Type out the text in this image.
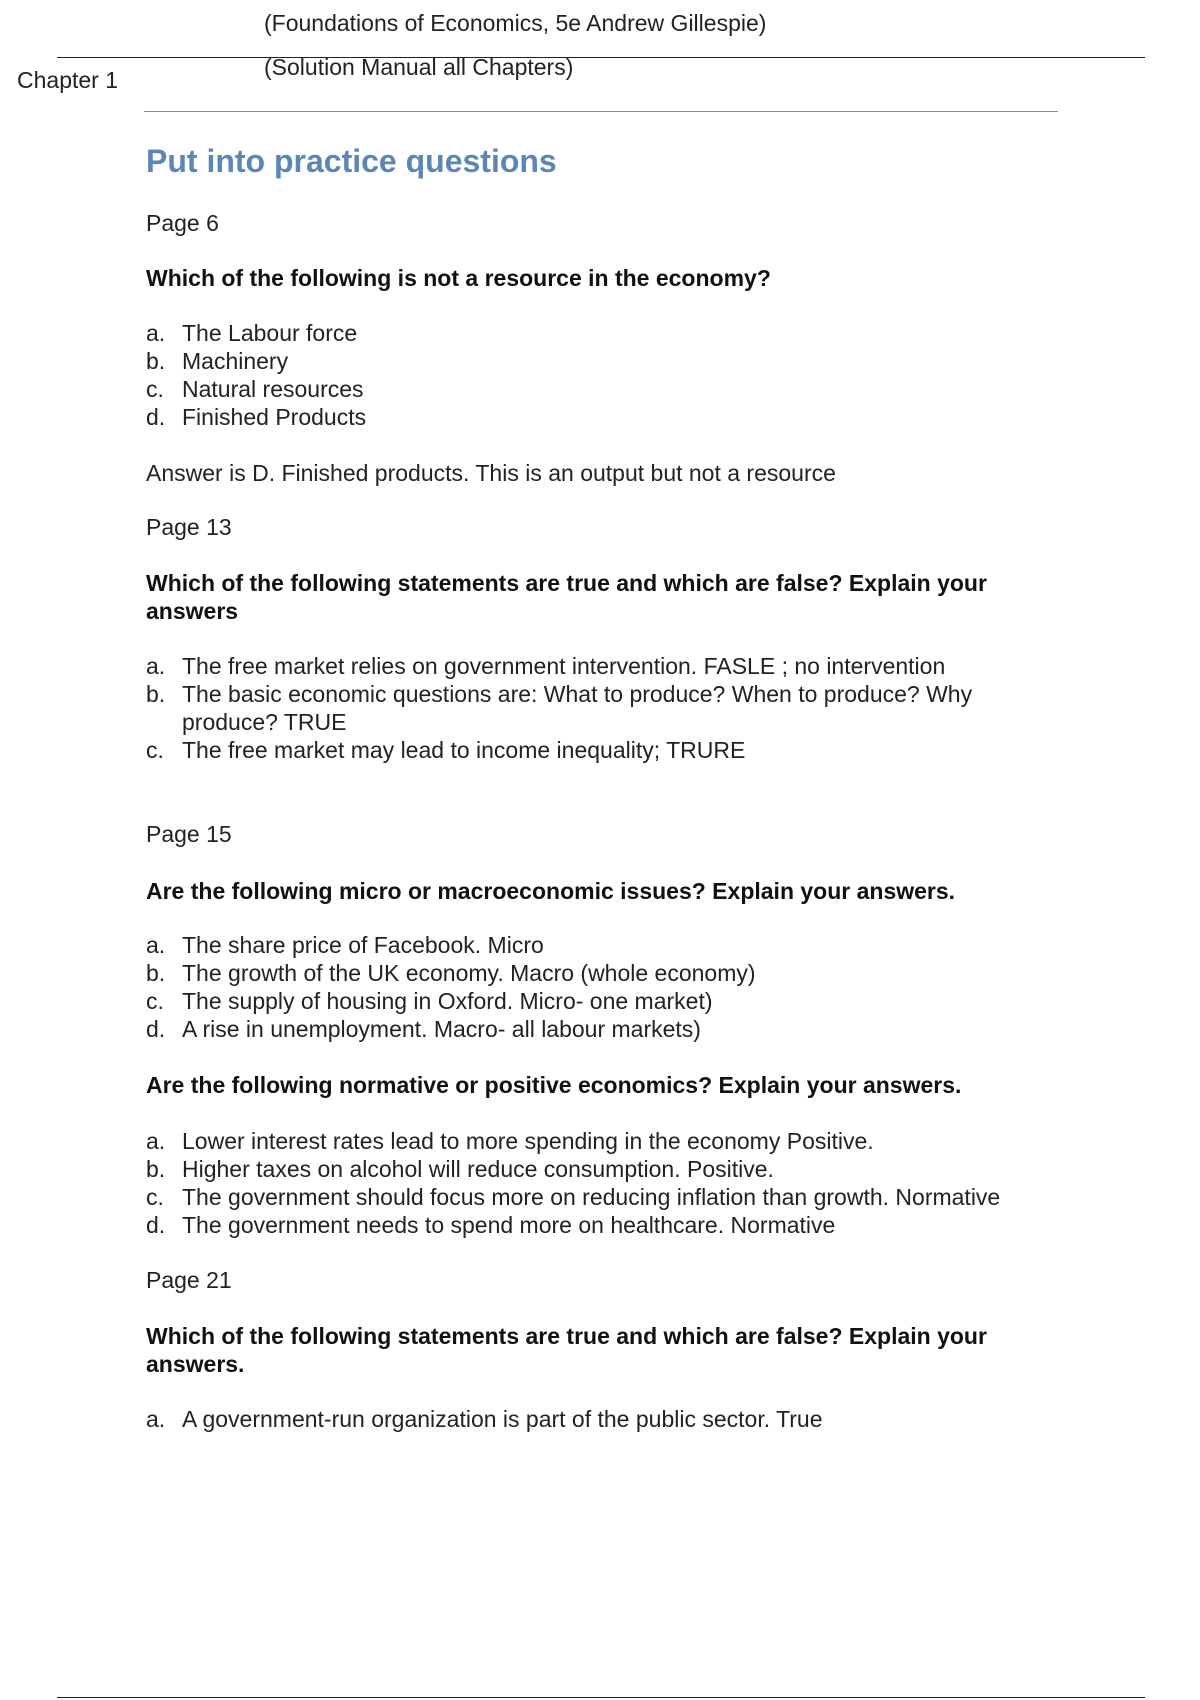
(Foundations of Economics, 5e Andrew Gillespie)
(Solution Manual all Chapters)
Chapter 1
Put into practice questions
Page 6
Which of the following is not a resource in the economy?
a. The Labour force
b. Machinery
c. Natural resources
d. Finished Products
Answer is D. Finished products. This is an output but not a resource
Page 13
Which of the following statements are true and which are false? Explain your answers
a. The free market relies on government intervention. FASLE ; no intervention
b. The basic economic questions are: What to produce? When to produce? Why produce? TRUE
c. The free market may lead to income inequality; TRURE
Page 15
Are the following micro or macroeconomic issues? Explain your answers.
a. The share price of Facebook. Micro
b. The growth of the UK economy. Macro (whole economy)
c. The supply of housing in Oxford. Micro- one market)
d. A rise in unemployment. Macro- all labour markets)
Are the following normative or positive economics? Explain your answers.
a. Lower interest rates lead to more spending in the economy Positive.
b. Higher taxes on alcohol will reduce consumption. Positive.
c. The government should focus more on reducing inflation than growth. Normative
d. The government needs to spend more on healthcare. Normative
Page 21
Which of the following statements are true and which are false? Explain your answers.
a. A government-run organization is part of the public sector. True
